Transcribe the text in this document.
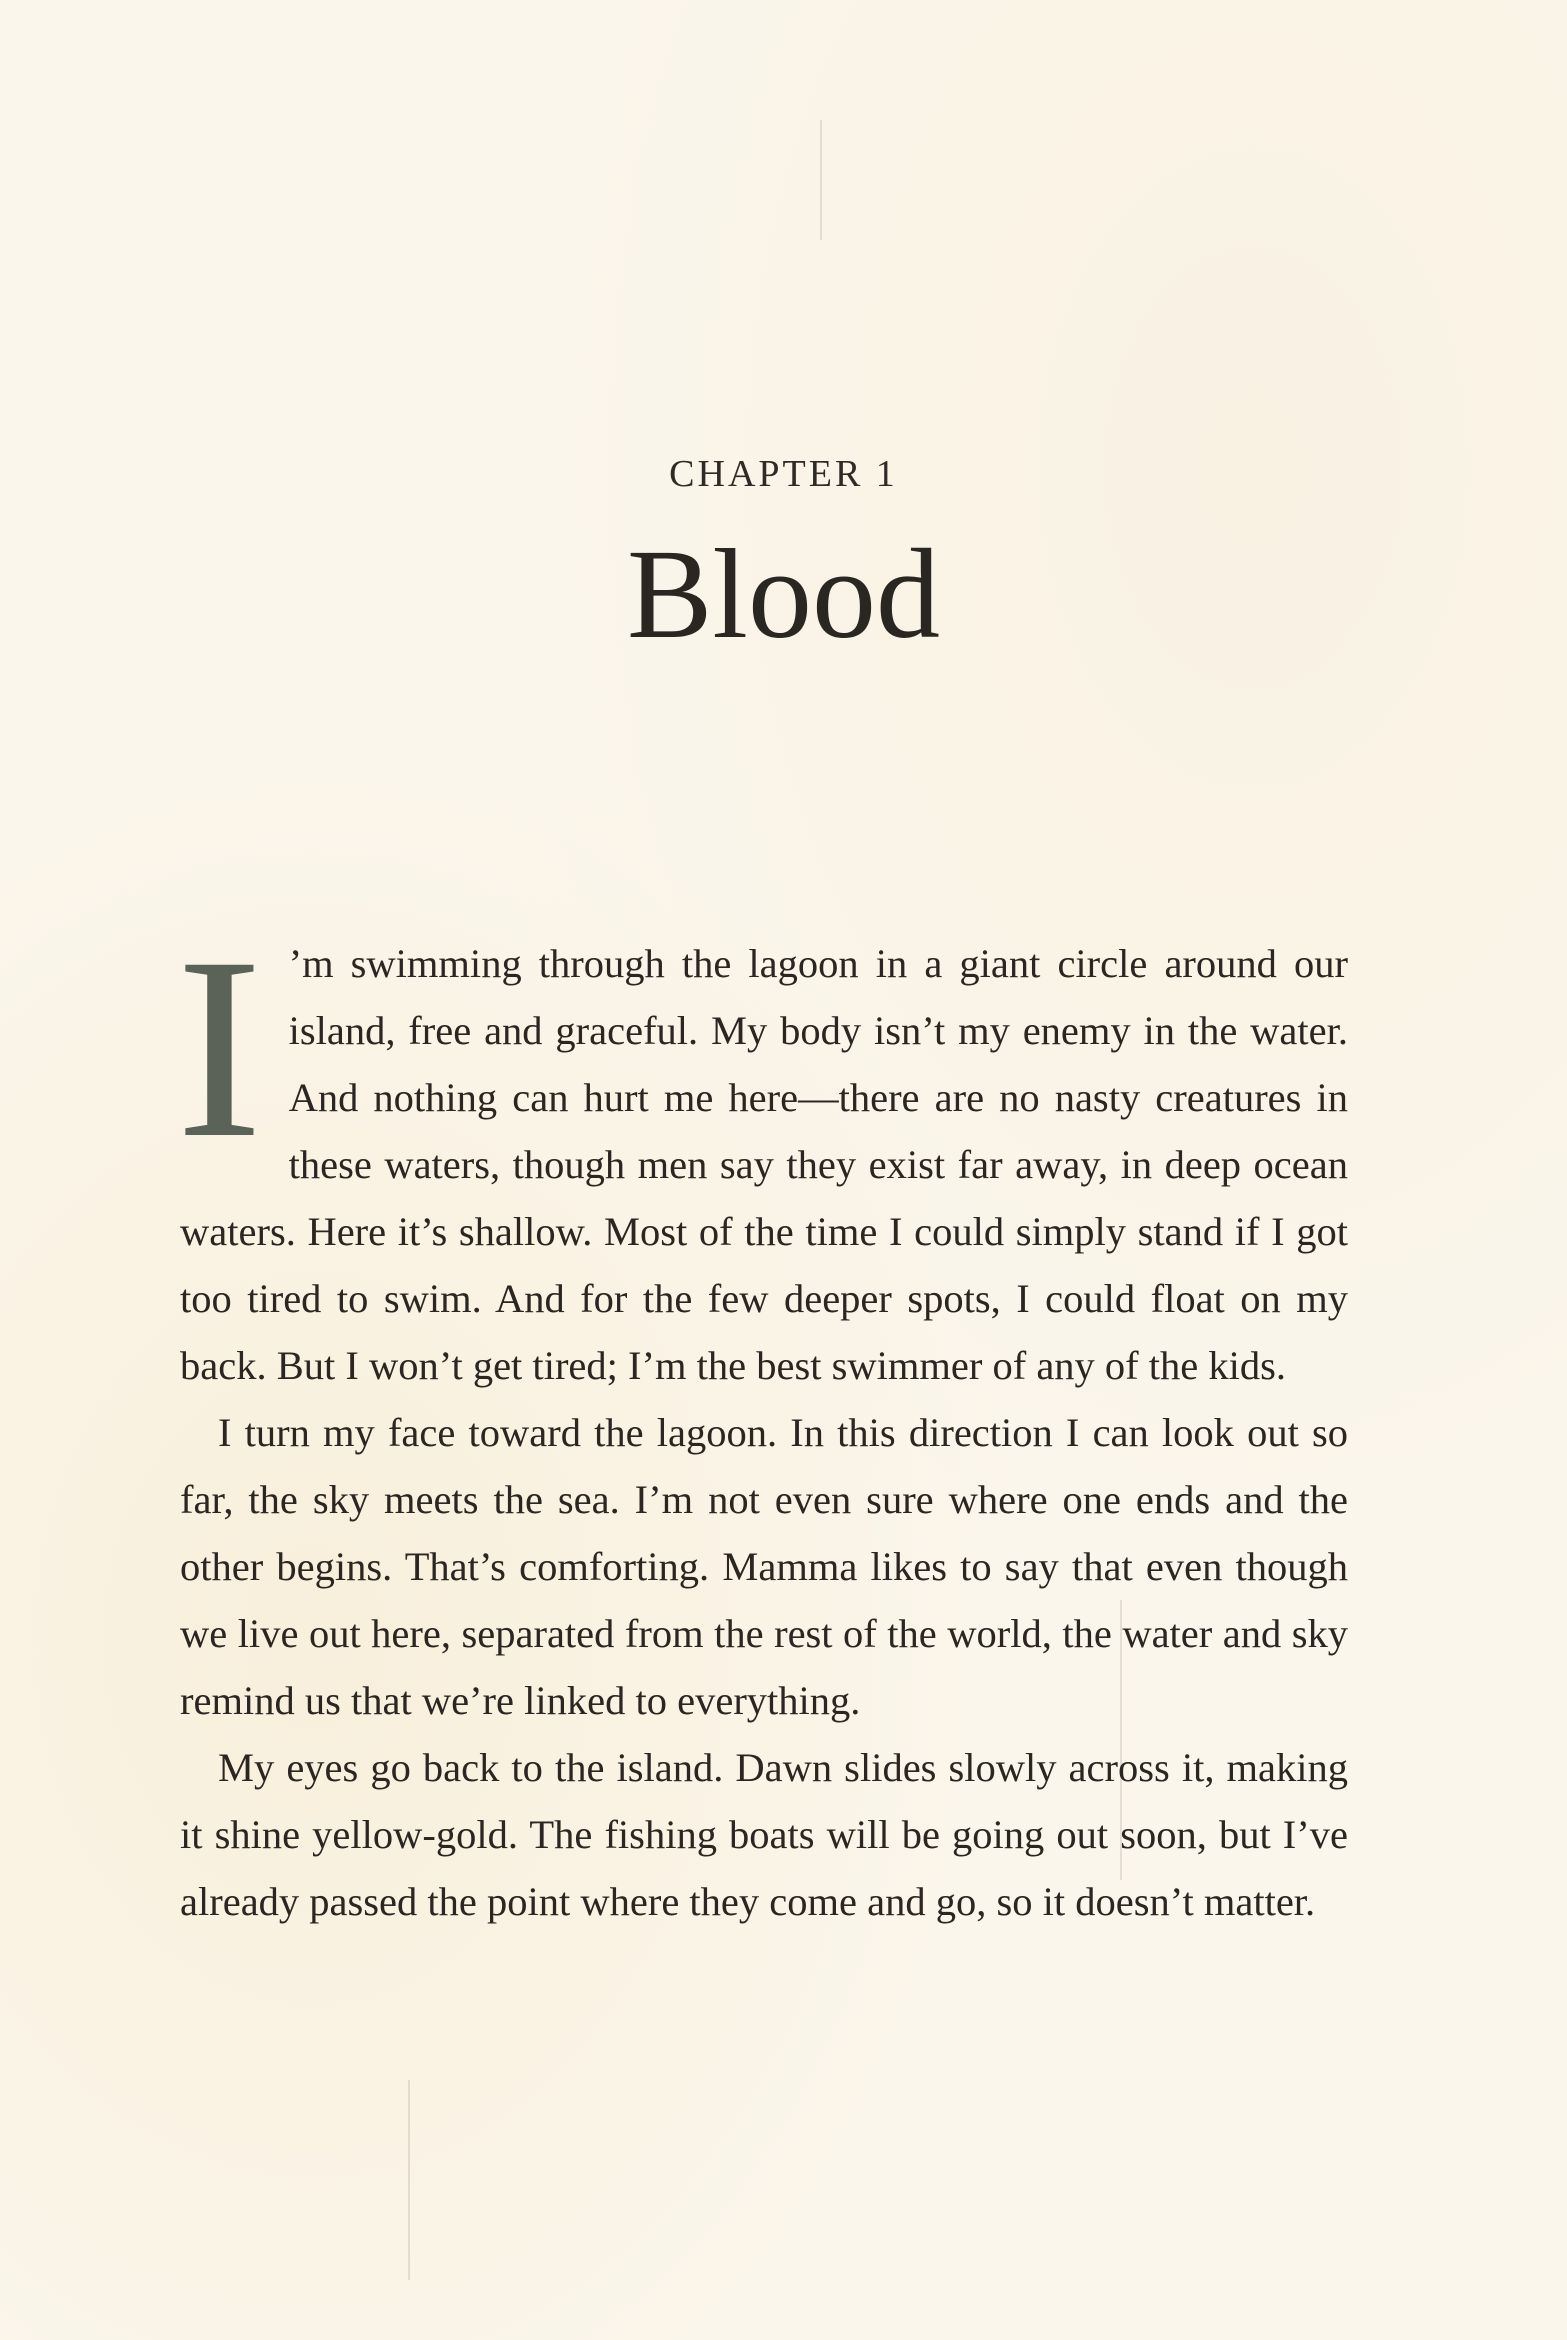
CHAPTER 1
Blood

I ’m swimming through the lagoon in a giant circle around our island, free and graceful. My body isn’t my enemy in the water. And nothing can hurt me here—there are no nasty creatures in these waters, though men say they exist far away, in deep ocean waters. Here it’s shallow. Most of the time I could simply stand if I got too tired to swim. And for the few deeper spots, I could float on my back. But I won’t get tired; I’m the best swimmer of any of the kids.

I turn my face toward the lagoon. In this direction I can look out so far, the sky meets the sea. I’m not even sure where one ends and the other begins. That’s comforting. Mamma likes to say that even though we live out here, separated from the rest of the world, the water and sky remind us that we’re linked to everything.

My eyes go back to the island. Dawn slides slowly across it, making it shine yellow-gold. The fishing boats will be going out soon, but I’ve already passed the point where they come and go, so it doesn’t matter.
